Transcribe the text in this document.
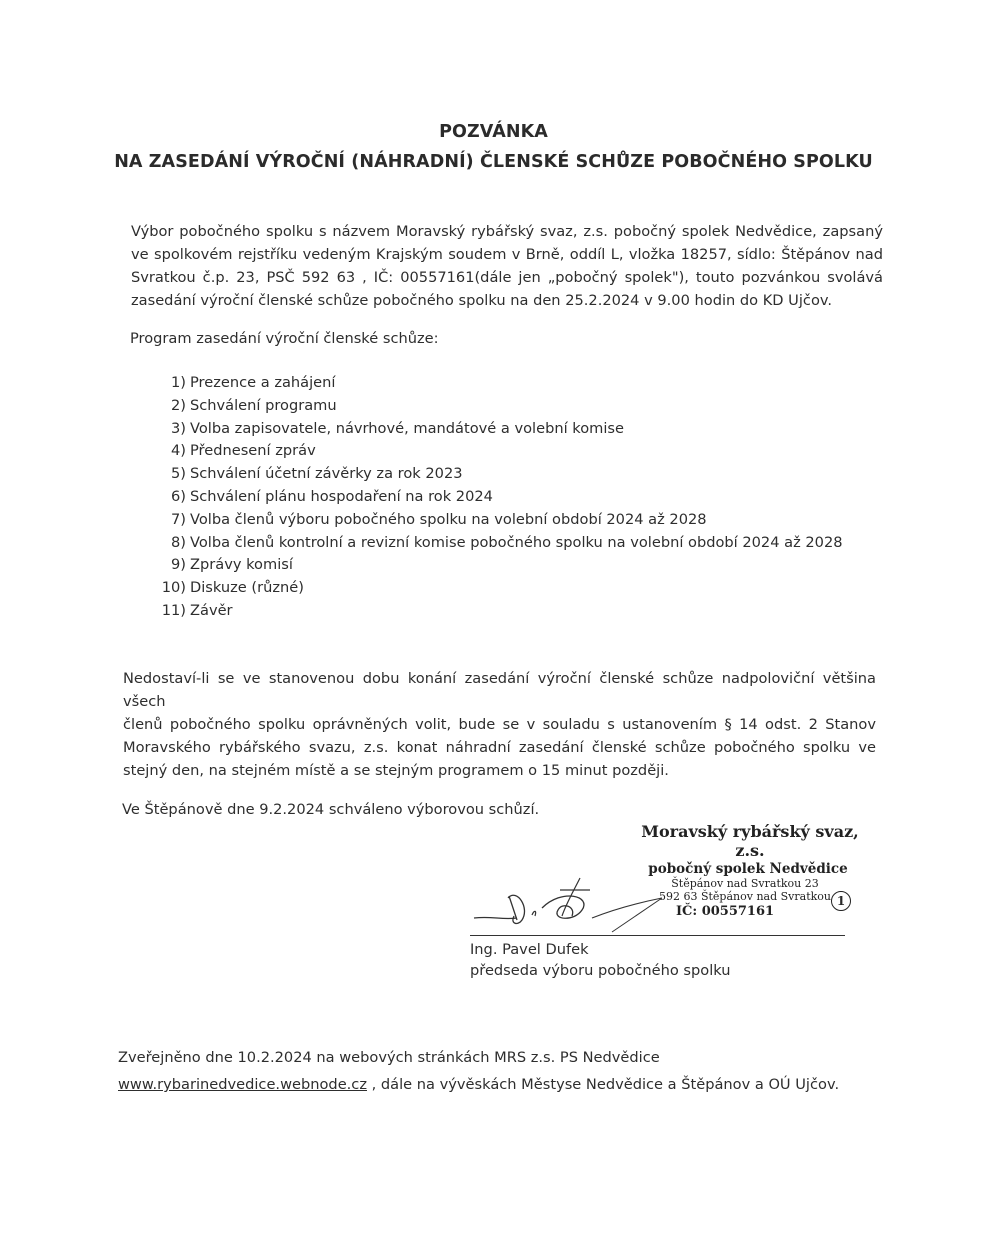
POZVÁNKA
NA ZASEDÁNÍ VÝROČNÍ (NÁHRADNÍ) ČLENSKÉ SCHŮZE POBOČNÉHO SPOLKU

Výbor pobočného spolku s názvem Moravský rybářský svaz, z.s. pobočný spolek Nedvědice, zapsaný
ve spolkovém rejstříku vedeným Krajským soudem v Brně, oddíl L, vložka 18257, sídlo: Štěpánov nad
Svratkou č.p. 23, PSČ 592 63 , IČ: 00557161(dále jen „pobočný spolek"), touto pozvánkou svolává
zasedání výroční členské schůze pobočného spolku na den 25.2.2024 v 9.00 hodin do KD Ujčov.

Program zasedání výroční členské schůze:
1) Prezence a zahájení
2) Schválení programu
3) Volba zapisovatele, návrhové, mandátové a volební komise
4) Přednesení zpráv
5) Schválení účetní závěrky za rok 2023
6) Schválení plánu hospodaření na rok 2024
7) Volba členů výboru pobočného spolku na volební období 2024 až 2028
8) Volba členů kontrolní a revizní komise pobočného spolku na volební období 2024 až 2028
9) Zprávy komisí
10) Diskuze (různé)
11) Závěr

Nedostaví-li se ve stanovenou dobu konání zasedání výroční členské schůze nadpoloviční většina všech
členů pobočného spolku oprávněných volit, bude se v souladu s ustanovením § 14 odst. 2 Stanov
Moravského rybářského svazu, z.s. konat náhradní zasedání členské schůze pobočného spolku ve
stejný den, na stejném místě a se stejným programem o 15 minut později.

Ve Štěpánově dne 9.2.2024 schváleno výborovou schůzí.
Moravský rybářský svaz, z.s.
pobočný spolek Nedvědice
Štěpánov nad Svratkou 23
592 63 Štěpánov nad Svratkou
IČ: 00557161
1
Ing. Pavel Dufek
předseda výboru pobočného spolku
Zveřejněno dne 10.2.2024 na webových stránkách MRS z.s. PS Nedvědice
www.rybarinedvedice.webnode.cz , dále na vývěskách Městyse Nedvědice a Štěpánov a OÚ Ujčov.
